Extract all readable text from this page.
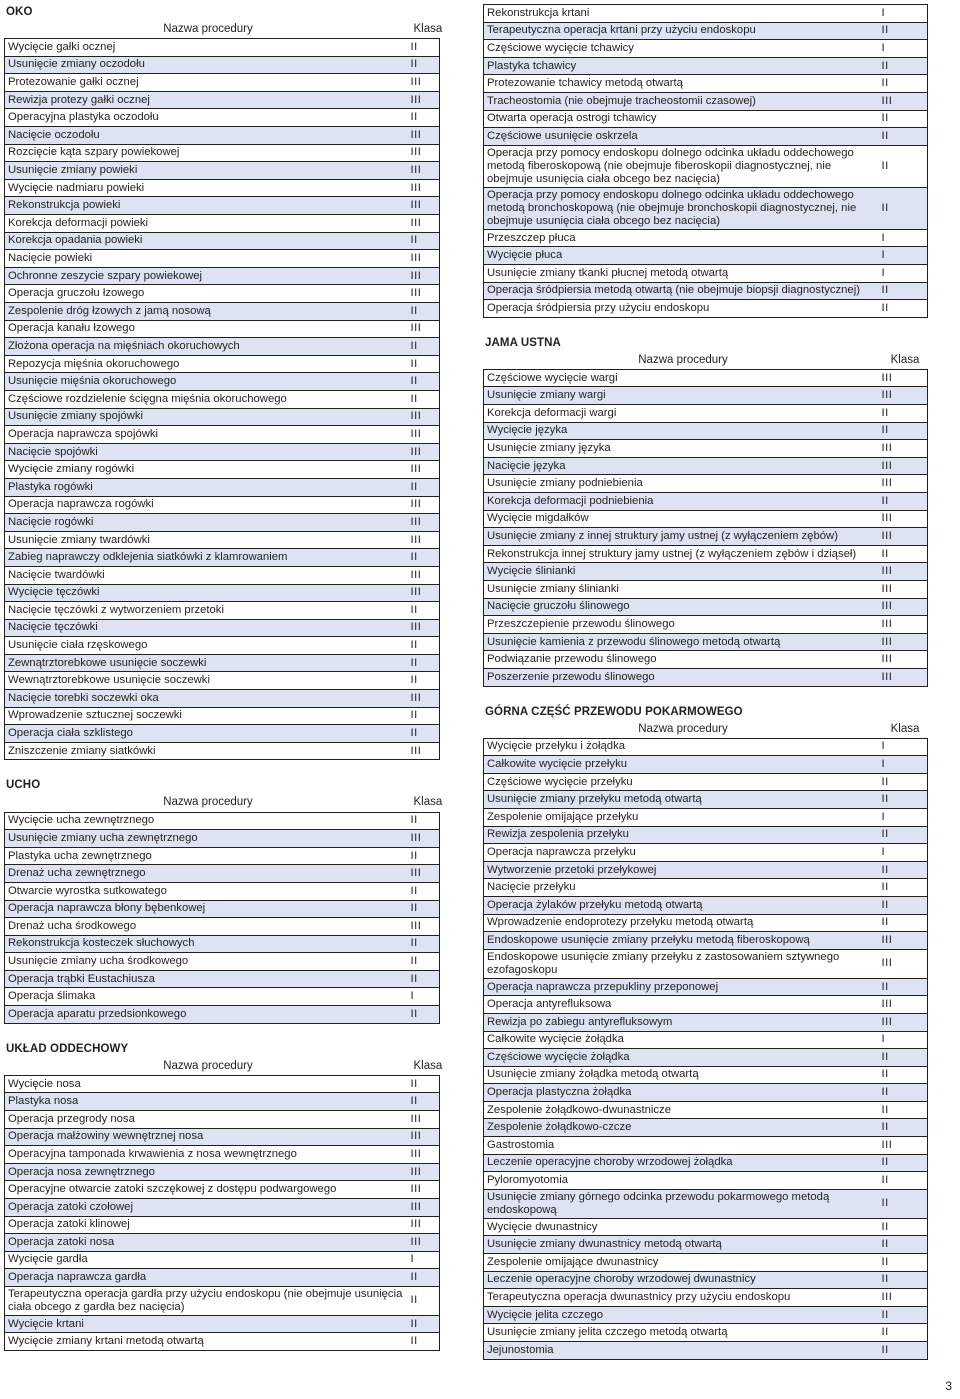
OKO
Nazwa procedury	Klasa
Wycięcie gałki ocznej	II
Usunięcie zmiany oczodołu	II
Protezowanie gałki ocznej	III
Rewizja protezy gałki ocznej	III
Operacyjna plastyka oczodołu	II
Nacięcie oczodołu	III
Rozcięcie kąta szpary powiekowej	III
Usunięcie zmiany powieki	III
Wycięcie nadmiaru powieki	III
Rekonstrukcja powieki	III
Korekcja deformacji powieki	III
Korekcja opadania powieki	II
Nacięcie powieki	III
Ochronne zeszycie szpary powiekowej	III
Operacja gruczołu łzowego	III
Zespolenie dróg łzowych z jamą nosową	II
Operacja kanału łzowego	III
Złożona operacja na mięśniach okoruchowych	II
Repozycja mięśnia okoruchowego	II
Usunięcie mięśnia okoruchowego	II
Częściowe rozdzielenie ścięgna mięśnia okoruchowego	II
Usunięcie zmiany spojówki	III
Operacja naprawcza spojówki	III
Nacięcie spojówki	III
Wycięcie zmiany rogówki	III
Plastyka rogówki	II
Operacja naprawcza rogówki	III
Nacięcie rogówki	III
Usunięcie zmiany twardówki	III
Zabieg naprawczy odklejenia siatkówki z klamrowaniem	II
Nacięcie twardówki	III
Wycięcie tęczówki	III
Nacięcie tęczówki z wytworzeniem przetoki	II
Nacięcie tęczówki	III
Usunięcie ciała rzęskowego	II
Zewnątrztorebkowe usunięcie soczewki	II
Wewnątrztorebkowe usunięcie soczewki	II
Nacięcie torebki soczewki oka	III
Wprowadzenie sztucznej soczewki	II
Operacja ciała szklistego	II
Zniszczenie zmiany siatkówki	III
UCHO
Nazwa procedury	Klasa
Wycięcie ucha zewnętrznego	II
Usunięcie zmiany ucha zewnętrznego	III
Plastyka ucha zewnętrznego	II
Drenaż ucha zewnętrznego	III
Otwarcie wyrostka sutkowatego	II
Operacja naprawcza błony bębenkowej	II
Drenaż ucha środkowego	III
Rekonstrukcja kosteczek słuchowych	II
Usunięcie zmiany ucha środkowego	II
Operacja trąbki Eustachiusza	II
Operacja ślimaka	I
Operacja aparatu przedsionkowego	II
UKŁAD ODDECHOWY
Nazwa procedury	Klasa
Wycięcie nosa	II
Plastyka nosa	II
Operacja przegrody nosa	III
Operacja małżowiny wewnętrznej nosa	III
Operacyjna tamponada krwawienia z nosa wewnętrznego	III
Operacja nosa zewnętrznego	III
Operacyjne otwarcie zatoki szczękowej z dostępu podwargowego	III
Operacja zatoki czołowej	III
Operacja zatoki klinowej	III
Operacja zatoki nosa	III
Wycięcie gardła	I
Operacja naprawcza gardła	II
Terapeutyczna operacja gardła przy użyciu endoskopu (nie obejmuje usunięcia ciała obcego z gardła bez nacięcia)	II
Wycięcie krtani	II
Wycięcie zmiany krtani metodą otwartą	II
Rekonstrukcja krtani	I
Terapeutyczna operacja krtani przy użyciu endoskopu	II
Częściowe wycięcie tchawicy	I
Plastyka tchawicy	II
Protezowanie tchawicy metodą otwartą	II
Tracheostomia (nie obejmuje tracheostomii czasowej)	III
Otwarta operacja ostrogi tchawicy	II
Częściowe usunięcie oskrzela	II
Operacja przy pomocy endoskopu dolnego odcinka układu oddechowego metodą fiberoskopową (nie obejmuje fiberoskopii diagnostycznej, nie obejmuje usunięcia ciała obcego bez nacięcia)	II
Operacja przy pomocy endoskopu dolnego odcinka układu oddechowego metodą bronchoskopową (nie obejmuje bronchoskopii diagnostycznej, nie obejmuje usunięcia ciała obcego bez nacięcia)	II
Przeszczep płuca	I
Wycięcie płuca	I
Usunięcie zmiany tkanki płucnej metodą otwartą	I
Operacja śródpiersia metodą otwartą (nie obejmuje biopsji diagnostycznej)	II
Operacja śródpiersia przy użyciu endoskopu	II
JAMA USTNA
Nazwa procedury	Klasa
Częściowe wycięcie wargi	III
Usunięcie zmiany wargi	III
Korekcja deformacji wargi	II
Wycięcie języka	II
Usunięcie zmiany języka	III
Nacięcie języka	III
Usunięcie zmiany podniebienia	III
Korekcja deformacji podniebienia	II
Wycięcie migdałków	III
Usunięcie zmiany z innej struktury jamy ustnej (z wyłączeniem zębów)	III
Rekonstrukcja innej struktury jamy ustnej (z wyłączeniem zębów i dziąseł)	II
Wycięcie ślinianki	III
Usunięcie zmiany ślinianki	III
Nacięcie gruczołu ślinowego	III
Przeszczepienie przewodu ślinowego	III
Usunięcie kamienia z przewodu ślinowego metodą otwartą	III
Podwiązanie przewodu ślinowego	III
Poszerzenie przewodu ślinowego	III
GÓRNA CZĘŚĆ PRZEWODU POKARMOWEGO
Nazwa procedury	Klasa
Wycięcie przełyku i żołądka	I
Całkowite wycięcie przełyku	I
Częściowe wycięcie przełyku	II
Usunięcie zmiany przełyku metodą otwartą	II
Zespolenie omijające przełyku	I
Rewizja zespolenia przełyku	II
Operacja naprawcza przełyku	I
Wytworzenie przetoki przełykowej	II
Nacięcie przełyku	II
Operacja żylaków przełyku metodą otwartą	II
Wprowadzenie endoprotezy przełyku metodą otwartą	II
Endoskopowe usunięcie zmiany przełyku metodą fiberoskopową	III
Endoskopowe usunięcie zmiany przełyku z zastosowaniem sztywnego ezofagoskopu	III
Operacja naprawcza przepukliny przeponowej	II
Operacja antyrefluksowa	III
Rewizja po zabiegu antyrefluksowym	III
Całkowite wycięcie żołądka	I
Częściowe wycięcie żołądka	II
Usunięcie zmiany żołądka metodą otwartą	II
Operacja plastyczna żołądka	II
Zespolenie żołądkowo-dwunastnicze	II
Zespolenie żołądkowo-czcze	II
Gastrostomia	III
Leczenie operacyjne choroby wrzodowej żołądka	II
Pyloromyotomia	II
Usunięcie zmiany górnego odcinka przewodu pokarmowego metodą endoskopową	II
Wycięcie dwunastnicy	II
Usunięcie zmiany dwunastnicy metodą otwartą	II
Zespolenie omijające dwunastnicy	II
Leczenie operacyjne choroby wrzodowej dwunastnicy	II
Terapeutyczna operacja dwunastnicy przy użyciu endoskopu	III
Wycięcie jelita czczego	II
Usunięcie zmiany jelita czczego metodą otwartą	II
Jejunostomia	II
3
